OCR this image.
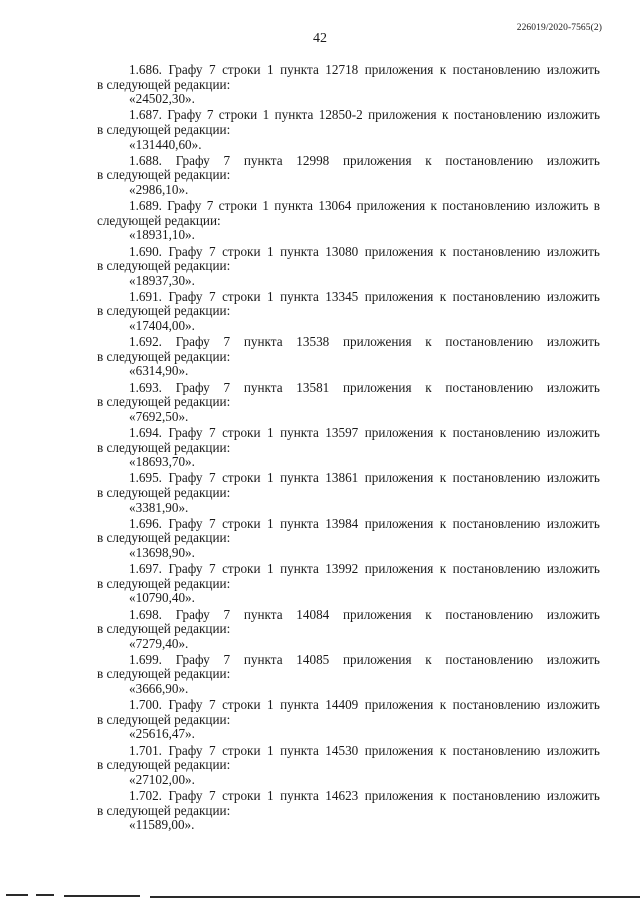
42
226019/2020-7565(2)
1.686. Графу 7 строки 1 пункта 12718 приложения к постановлению изложить
в следующей редакции:
«24502,30».
1.687. Графу 7 строки 1 пункта 12850-2 приложения к постановлению изложить
в следующей редакции:
«131440,60».
1.688. Графу 7 пункта 12998 приложения к постановлению изложить
в следующей редакции:
«2986,10».
1.689. Графу 7 строки 1 пункта 13064 приложения к постановлению изложить в
следующей редакции:
«18931,10».
1.690. Графу 7 строки 1 пункта 13080 приложения к постановлению изложить
в следующей редакции:
«18937,30».
1.691. Графу 7 строки 1 пункта 13345 приложения к постановлению изложить
в следующей редакции:
«17404,00».
1.692. Графу 7 пункта 13538 приложения к постановлению изложить
в следующей редакции:
«6314,90».
1.693. Графу 7 пункта 13581 приложения к постановлению изложить
в следующей редакции:
«7692,50».
1.694. Графу 7 строки 1 пункта 13597 приложения к постановлению изложить
в следующей редакции:
«18693,70».
1.695. Графу 7 строки 1 пункта 13861 приложения к постановлению изложить
в следующей редакции:
«3381,90».
1.696. Графу 7 строки 1 пункта 13984 приложения к постановлению изложить
в следующей редакции:
«13698,90».
1.697. Графу 7 строки 1 пункта 13992 приложения к постановлению изложить
в следующей редакции:
«10790,40».
1.698. Графу 7 пункта 14084 приложения к постановлению изложить
в следующей редакции:
«7279,40».
1.699. Графу 7 пункта 14085 приложения к постановлению изложить
в следующей редакции:
«3666,90».
1.700. Графу 7 строки 1 пункта 14409 приложения к постановлению изложить
в следующей редакции:
«25616,47».
1.701. Графу 7 строки 1 пункта 14530 приложения к постановлению изложить
в следующей редакции:
«27102,00».
1.702. Графу 7 строки 1 пункта 14623 приложения к постановлению изложить
в следующей редакции:
«11589,00».
